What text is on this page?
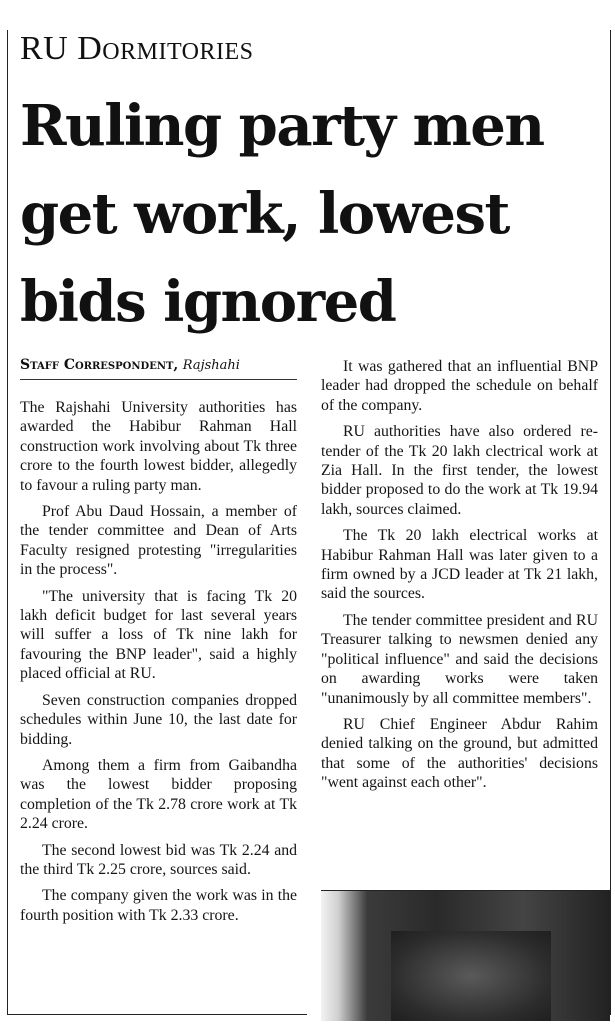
RU Dormitories
Ruling party men get work, lowest bids ignored
Staff Correspondent, Rajshahi

The Rajshahi University authorities has awarded the Habibur Rahman Hall construction work involving about Tk three crore to the fourth lowest bidder, allegedly to favour a ruling party man.

Prof Abu Daud Hossain, a member of the tender committee and Dean of Arts Faculty resigned protesting "irregularities in the process".

"The university that is facing Tk 20 lakh deficit budget for last several years will suffer a loss of Tk nine lakh for favouring the BNP leader", said a highly placed official at RU.

Seven construction companies dropped schedules within June 10, the last date for bidding.

Among them a firm from Gaibandha was the lowest bidder proposing completion of the Tk 2.78 crore work at Tk 2.24 crore.

The second lowest bid was Tk 2.24 and the third Tk 2.25 crore, sources said.

The company given the work was in the fourth position with Tk 2.33 crore.

It was gathered that an influential BNP leader had dropped the schedule on behalf of the company.

RU authorities have also ordered re-tender of the Tk 20 lakh clectrical work at Zia Hall. In the first tender, the lowest bidder proposed to do the work at Tk 19.94 lakh, sources claimed.

The Tk 20 lakh electrical works at Habibur Rahman Hall was later given to a firm owned by a JCD leader at Tk 21 lakh, said the sources.

The tender committee president and RU Treasurer talking to newsmen denied any "political influence" and said the decisions on awarding works were taken "unanimously by all committee members".

RU Chief Engineer Abdur Rahim denied talking on the ground, but admitted that some of the authorities' decisions "went against each other".
